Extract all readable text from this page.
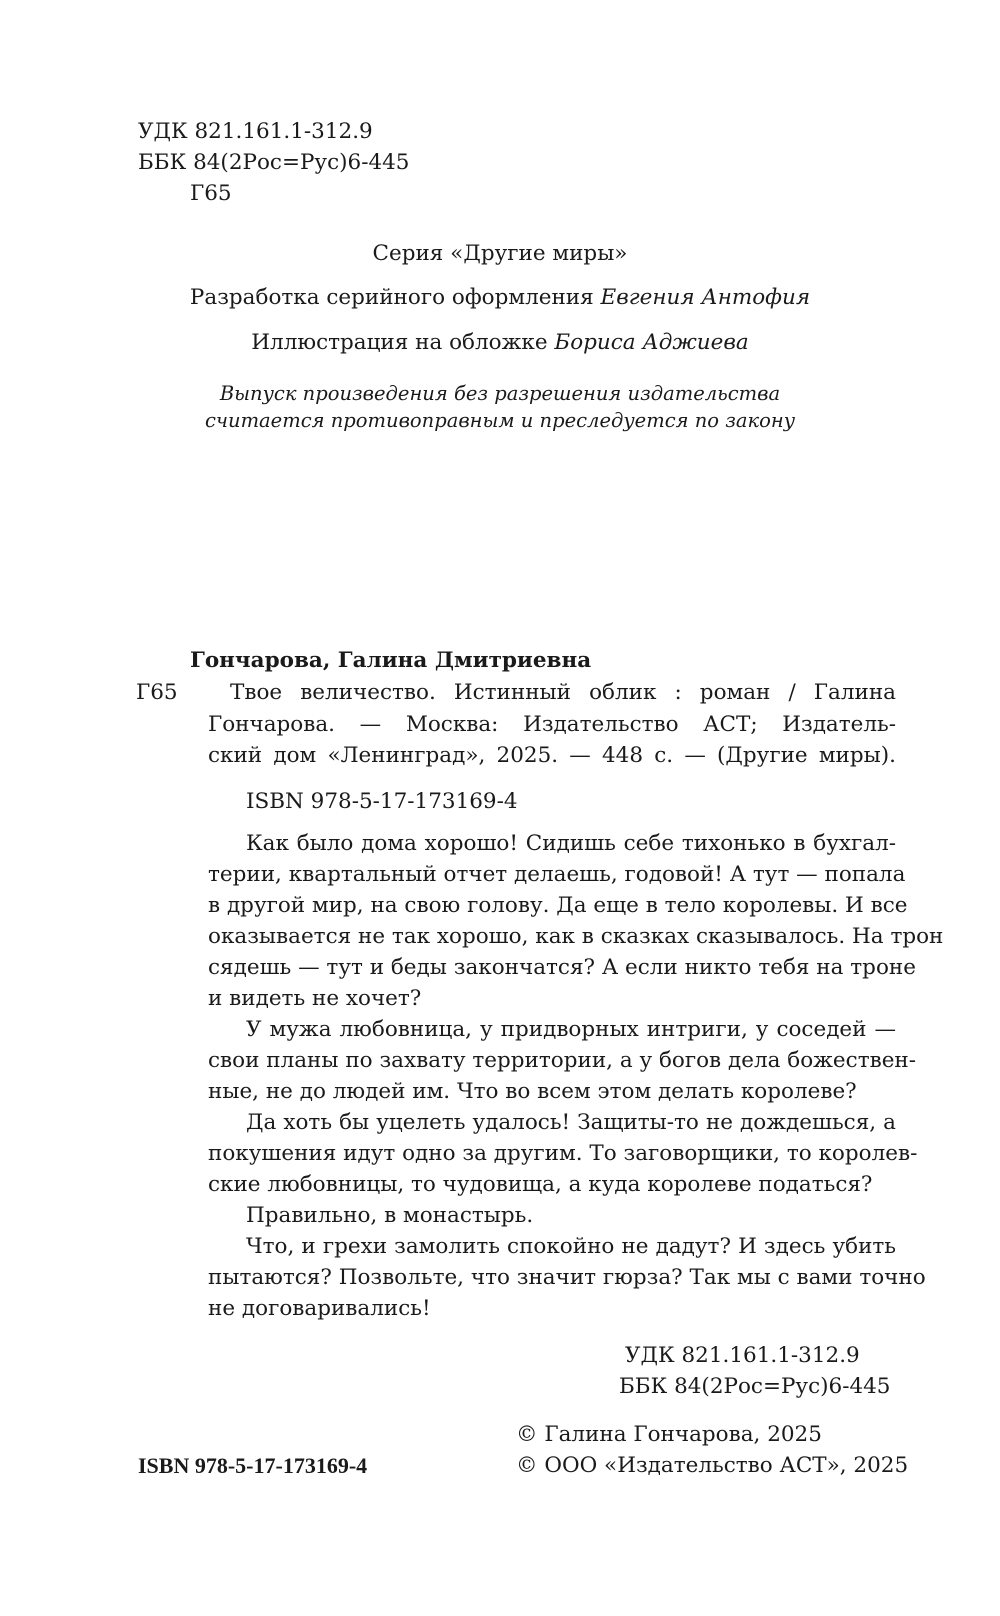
УДК 821.161.1-312.9
ББК 84(2Рос=Рус)6-445
Г65
Серия «Другие миры»
Разработка серийного оформления Евгения Антофия
Иллюстрация на обложке Бориса Аджиева
Выпуск произведения без разрешения издательства
считается противоправным и преследуется по закону
Гончарова, Галина Дмитриевна
Г65 Твое величество. Истинный облик : роман / Галина
Гончарова. — Москва: Издательство АСТ; Издатель-
ский дом «Ленинград», 2025. — 448 с. — (Другие миры).
ISBN 978-5-17-173169-4
Как было дома хорошо! Сидишь себе тихонько в бухгал-
терии, квартальный отчет делаешь, годовой! А тут — попала
в другой мир, на свою голову. Да еще в тело королевы. И все
оказывается не так хорошо, как в сказках сказывалось. На трон
сядешь — тут и беды закончатся? А если никто тебя на троне
и видеть не хочет?
У мужа любовница, у придворных интриги, у соседей —
свои планы по захвату территории, а у богов дела божествен-
ные, не до людей им. Что во всем этом делать королеве?
Да хоть бы уцелеть удалось! Защиты-то не дождешься, а
покушения идут одно за другим. То заговорщики, то королев-
ские любовницы, то чудовища, а куда королеве податься?
Правильно, в монастырь.
Что, и грехи замолить спокойно не дадут? И здесь убить
пытаются? Позвольте, что значит гюрза? Так мы с вами точно
не договаривались!
УДК 821.161.1-312.9
ББК 84(2Рос=Рус)6-445
© Галина Гончарова, 2025
ISBN 978-5-17-173169-4	© ООО «Издательство АСТ», 2025
